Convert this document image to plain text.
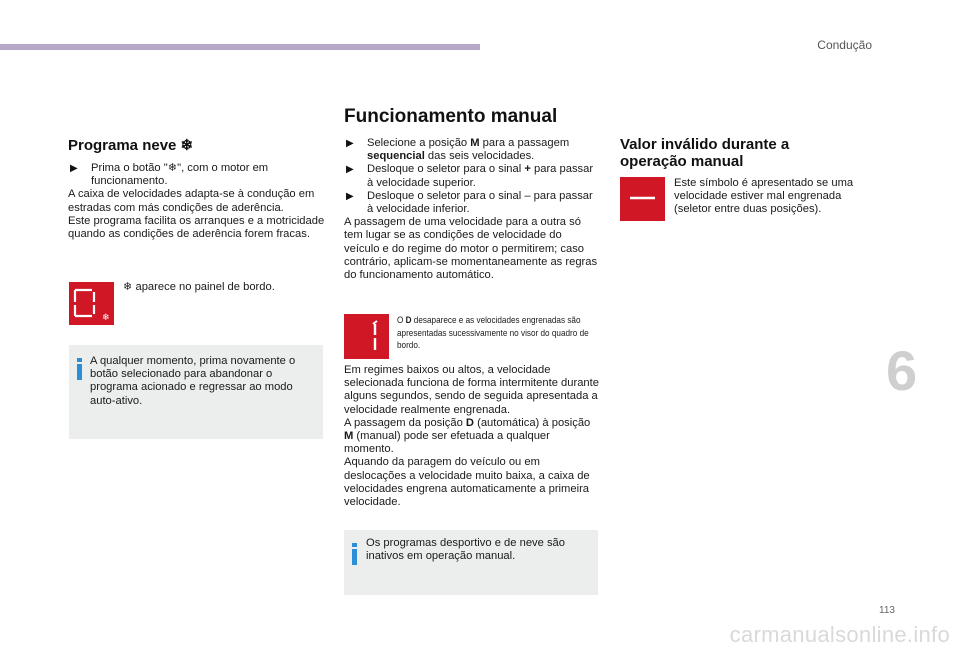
Condução
6
113
carmanualsonline.info
Programa neve ❄
▶ Prima o botão "❄", com o motor em funcionamento.

A caixa de velocidades adapta-se à condução em estradas com más condições de aderência.

Este programa facilita os arranques e a motricidade quando as condições de aderência forem fracas.

❄
❄ aparece no painel de bordo.
A qualquer momento, prima novamente o botão selecionado para abandonar o programa acionado e regressar ao modo auto-ativo.
Funcionamento manual
▶ Selecione a posição M para a passagem sequencial das seis velocidades.
▶ Desloque o seletor para o sinal + para passar à velocidade superior.
▶ Desloque o seletor para o sinal – para passar à velocidade inferior.

A passagem de uma velocidade para a outra só tem lugar se as condições de velocidade do veículo e do regime do motor o permitirem; caso contrário, aplicam-se momentaneamente as regras do funcionamento automático.

O D desaparece e as velocidades engrenadas são apresentadas sucessivamente no visor do quadro de bordo.

Em regimes baixos ou altos, a velocidade selecionada funciona de forma intermitente durante alguns segundos, sendo de seguida apresentada a velocidade realmente engrenada.

A passagem da posição D (automática) à posição M (manual) pode ser efetuada a qualquer momento.

Aquando da paragem do veículo ou em deslocações a velocidade muito baixa, a caixa de velocidades engrena automaticamente a primeira velocidade.

Os programas desportivo e de neve são inativos em operação manual.
Valor inválido durante a operação manual
Este símbolo é apresentado se uma velocidade estiver mal engrenada (seletor entre duas posições).
